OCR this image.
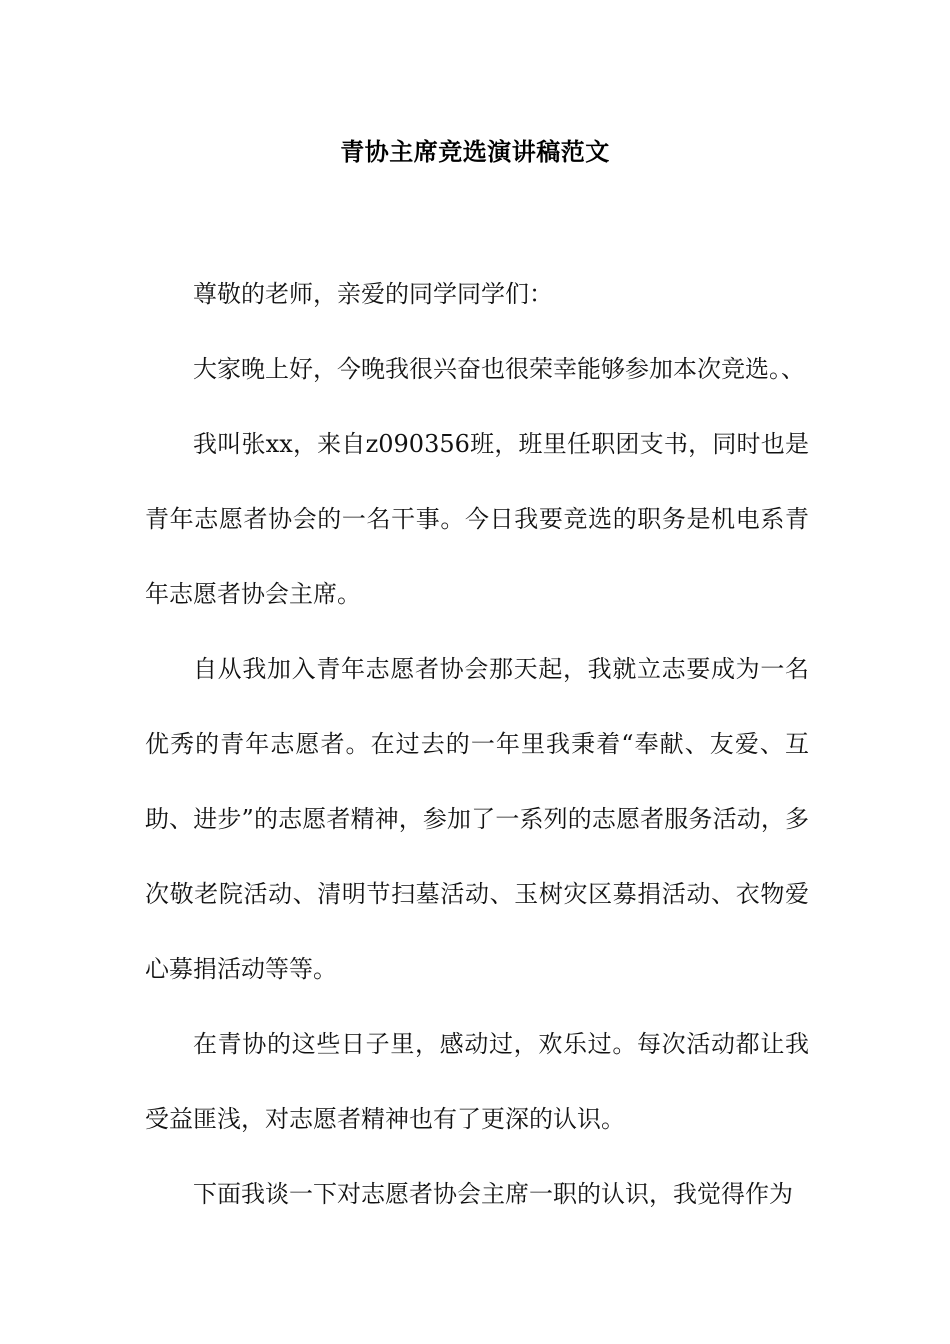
青协主席竞选演讲稿范文

尊敬的老师，亲爱的同学同学们：

大家晚上好，今晚我很兴奋也很荣幸能够参加本次竞选。、

我叫张xx，来自z090356班，班里任职团支书，同时也是青年志愿者协会的一名干事。今日我要竞选的职务是机电系青年志愿者协会主席。

自从我加入青年志愿者协会那天起，我就立志要成为一名优秀的青年志愿者。在过去的一年里我秉着“奉献、友爱、互助、进步”的志愿者精神，参加了一系列的志愿者服务活动，多次敬老院活动、清明节扫墓活动、玉树灾区募捐活动、衣物爱心募捐活动等等。

在青协的这些日子里，感动过，欢乐过。每次活动都让我受益匪浅，对志愿者精神也有了更深的认识。

下面我谈一下对志愿者协会主席一职的认识，我觉得作为
